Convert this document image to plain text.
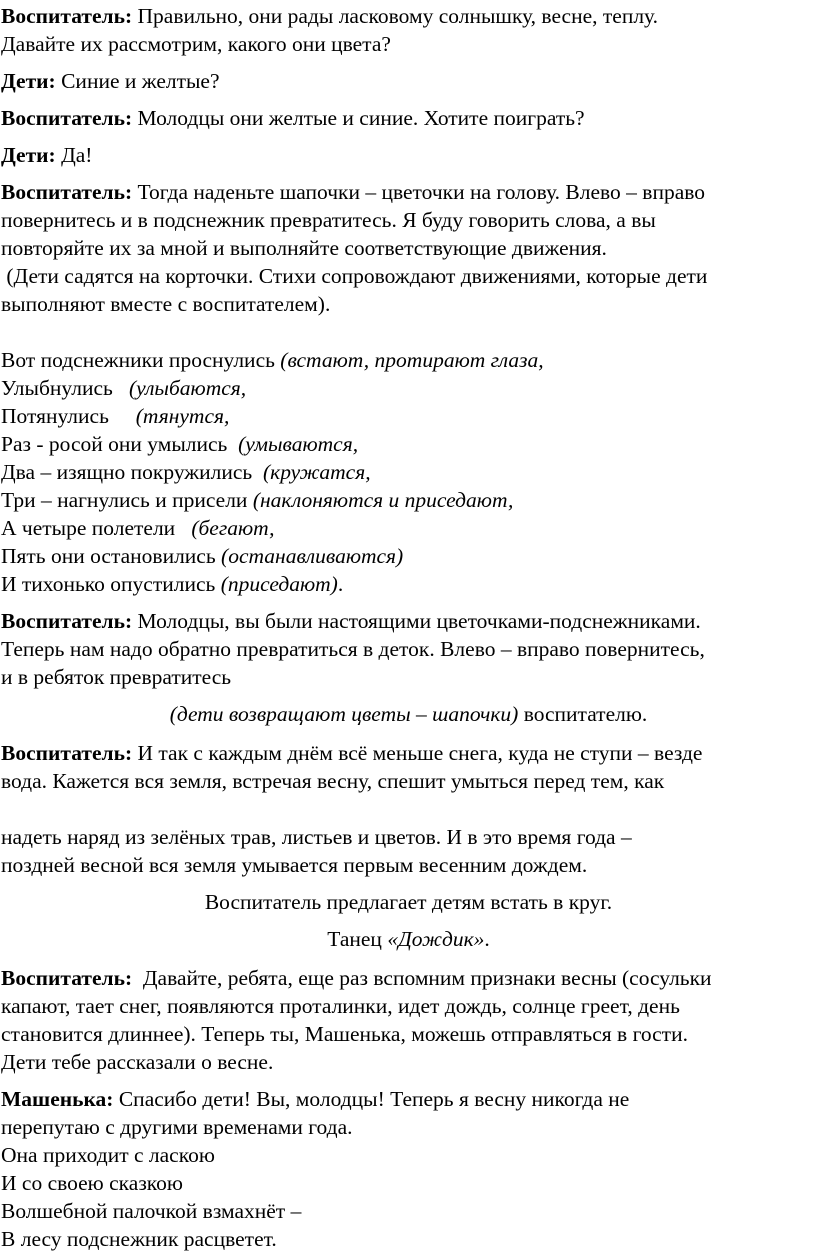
Воспитатель: Правильно, они рады ласковому солнышку, весне, теплу.
Давайте их рассмотрим, какого они цвета?

Дети: Синие и желтые?

Воспитатель: Молодцы они желтые и синие. Хотите поиграть?

Дети: Да!

Воспитатель: Тогда наденьте шапочки – цветочки на голову. Влево – вправо
повернитесь и в подснежник превратитесь. Я буду говорить слова, а вы
повторяйте их за мной и выполняйте соответствующие движения.
(Дети садятся на корточки. Стихи сопровождают движениями, которые дети
выполняют вместе с воспитателем).

Вот подснежники проснулись (встают, протирают глаза,
Улыбнулись   (улыбаются,
Потянулись     (тянутся,
Раз - росой они умылись  (умываются,
Два – изящно покружились  (кружатся,
Три – нагнулись и присели (наклоняются и приседают,
А четыре полетели   (бегают,
Пять они остановились (останавливаются)
И тихонько опустились (приседают).

Воспитатель: Молодцы, вы были настоящими цветочками-подснежниками.
Теперь нам надо обратно превратиться в деток. Влево – вправо повернитесь,
и в ребяток превратитесь

(дети возвращают цветы – шапочки) воспитателю.

Воспитатель: И так с каждым днём всё меньше снега, куда не ступи – везде
вода. Кажется вся земля, встречая весну, спешит умыться перед тем, как

надеть наряд из зелёных трав, листьев и цветов. И в это время года –
поздней весной вся земля умывается первым весенним дождем.

Воспитатель предлагает детям встать в круг.

Танец «Дождик».

Воспитатель:  Давайте, ребята, еще раз вспомним признаки весны (сосульки
капают, тает снег, появляются проталинки, идет дождь, солнце греет, день
становится длиннее). Теперь ты, Машенька, можешь отправляться в гости.
Дети тебе рассказали о весне.

Машенька: Спасибо дети! Вы, молодцы! Теперь я весну никогда не
перепутаю с другими временами года.
Она приходит с ласкою
И со своею сказкою
Волшебной палочкой взмахнёт –
В лесу подснежник расцветет.
